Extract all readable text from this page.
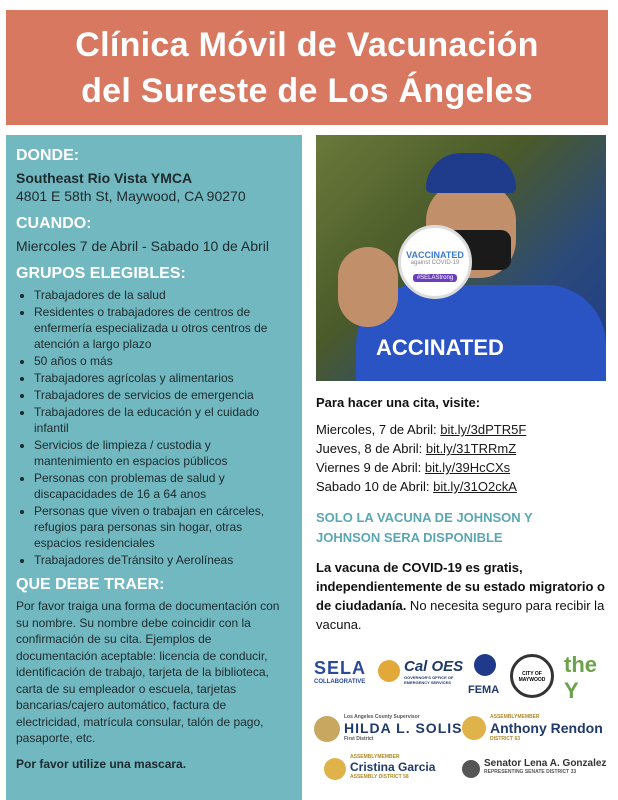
Clínica Móvil de Vacunación
del Sureste de Los Ángeles
DONDE:
Southeast Rio Vista YMCA
4801 E 58th St, Maywood, CA 90270
CUANDO:
Miercoles 7 de Abril - Sabado 10 de Abril
GRUPOS ELEGIBLES:
• Trabajadores de la salud
• Residentes o trabajadores de centros de enfermería especializada u otros centros de atención a largo plazo
• 50 años o más
• Trabajadores agrícolas y alimentarios
• Trabajadores de servicios de emergencia
• Trabajadores de la educación y el cuidado infantil
• Servicios de limpieza / custodia y mantenimiento en espacios públicos
• Personas con problemas de salud y discapacidades de 16 a 64 anos
• Personas que viven o trabajan en cárceles, refugios para personas sin hogar, otras espacios residenciales
• Trabajadores deTránsito y Aerolíneas
QUE DEBE TRAER:
Por favor traiga una forma de documentación con su nombre. Su nombre debe coincidir con la confirmación de su cita. Ejemplos de documentación aceptable: licencia de conducir, identificación de trabajo, tarjeta de la biblioteca, carta de su empleador o escuela, tarjetas bancarias/cajero automático, factura de electricidad, matrícula consular, talón de pago, pasaporte, etc.
Por favor utilize una mascara.
ACCINATED
VACCINATED
against COVID-19
#SELAStrong
Para hacer una cita, visite:
Miercoles, 7 de Abril: bit.ly/3dPTR5F
Jueves, 8 de Abril: bit.ly/31TRRmZ
Viernes 9 de Abril: bit.ly/39HcCXs
Sabado 10 de Abril: bit.ly/31O2ckA
SOLO LA VACUNA DE JOHNSON Y
JOHNSON SERA DISPONIBLE
La vacuna de COVID-19 es gratis, independientemente de su estado migratorio o de ciudadanía. No necesita seguro para recibir la vacuna.
SELA
COLLABORATIVE
Cal OES
GOVERNOR'S OFFICE OF EMERGENCY SERVICES
FEMA
CITY OF MAYWOOD
the Y
Los Angeles County Supervisor
HILDA L. SOLIS
First District
ASSEMBLYMEMBER
Anthony Rendon
DISTRICT 63
ASSEMBLYMEMBER
Cristina Garcia
ASSEMBLY DISTRICT 58
Senator Lena A. Gonzalez
REPRESENTING SENATE DISTRICT 33
